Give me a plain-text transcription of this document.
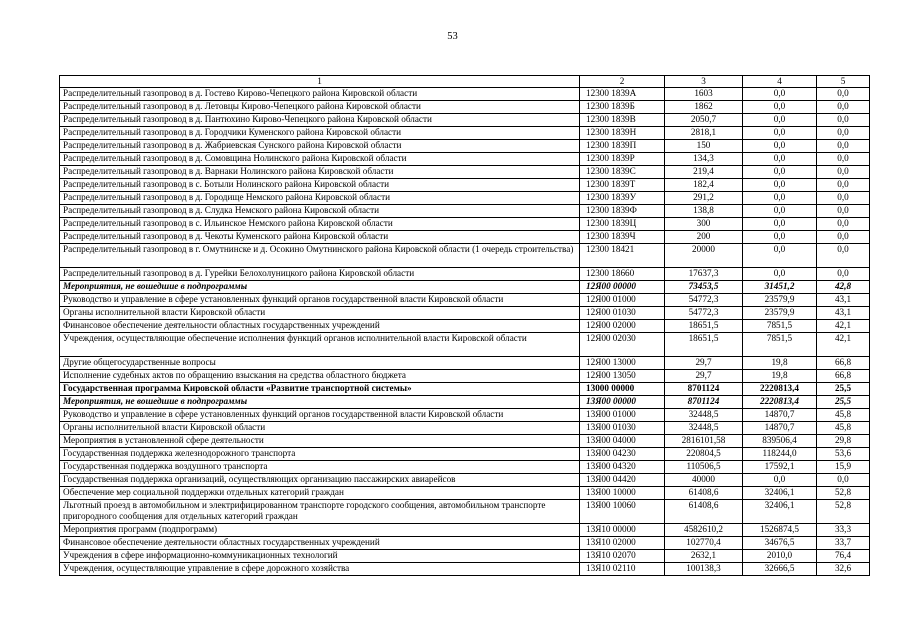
53
1	2	3	4	5
Распределительный газопровод в д. Гостево Кирово-Чепецкого района Кировской области	12300 1839А	1603	0,0	0,0
Распределительный газопровод в д. Летовцы Кирово-Чепецкого района Кировской области	12300 1839Б	1862	0,0	0,0
Распределительный газопровод в д. Пантюхино Кирово-Чепецкого района Кировской области	12300 1839В	2050,7	0,0	0,0
Распределительный газопровод в д. Городчики Куменского района Кировской области	12300 1839Н	2818,1	0,0	0,0
Распределительный газопровод в д. Жабриевская Сунского района Кировской области	12300 1839П	150	0,0	0,0
Распределительный газопровод в д. Сомовщина Нолинского района Кировской области	12300 1839Р	134,3	0,0	0,0
Распределительный газопровод в д. Варнаки Нолинского района Кировской области	12300 1839С	219,4	0,0	0,0
Распределительный газопровод в с. Ботыли Нолинского района Кировской области	12300 1839Т	182,4	0,0	0,0
Распределительный газопровод в д. Городище Немского района Кировской области	12300 1839У	291,2	0,0	0,0
Распределительный газопровод в д. Слудка Немского района Кировской области	12300 1839Ф	138,8	0,0	0,0
Распределительный газопровод в с. Ильинское Немского района Кировской области	12300 1839Ц	300	0,0	0,0
Распределительный газопровод в д. Чекоты Куменского района Кировской области	12300 1839Ч	200	0,0	0,0
Распределительный газопровод в г. Омутнинске и д. Осокино Омутнинского района Кировской области (1 очередь строительства)	12300 18421	20000	0,0	0,0
Распределительный газопровод в д. Гурейки Белохолуницкого района Кировской области	12300 18660	17637,3	0,0	0,0
Мероприятия, не вошедшие в подпрограммы	12Я00 00000	73453,5	31451,2	42,8
Руководство и управление в сфере установленных функций органов государственной власти Кировской области	12Я00 01000	54772,3	23579,9	43,1
Органы исполнительной власти Кировской области	12Я00 01030	54772,3	23579,9	43,1
Финансовое обеспечение деятельности областных государственных учреждений	12Я00 02000	18651,5	7851,5	42,1
Учреждения, осуществляющие обеспечение исполнения функций органов исполнительной власти Кировской области	12Я00 02030	18651,5	7851,5	42,1
Другие общегосударственные вопросы	12Я00 13000	29,7	19,8	66,8
Исполнение судебных актов по обращению взыскания на средства областного бюджета	12Я00 13050	29,7	19,8	66,8
Государственная программа Кировской области «Развитие транспортной системы»	13000 00000	8701124	2220813,4	25,5
Мероприятия, не вошедшие в подпрограммы	13Я00 00000	8701124	2220813,4	25,5
Руководство и управление в сфере установленных функций органов государственной власти Кировской области	13Я00 01000	32448,5	14870,7	45,8
Органы исполнительной власти Кировской области	13Я00 01030	32448,5	14870,7	45,8
Мероприятия в установленной сфере деятельности	13Я00 04000	2816101,58	839506,4	29,8
Государственная поддержка железнодорожного транспорта	13Я00 04230	220804,5	118244,0	53,6
Государственная поддержка воздушного транспорта	13Я00 04320	110506,5	17592,1	15,9
Государственная поддержка организаций, осуществляющих организацию пассажирских авиарейсов	13Я00 04420	40000	0,0	0,0
Обеспечение мер социальной поддержки отдельных категорий граждан	13Я00 10000	61408,6	32406,1	52,8
Льготный проезд в автомобильном и электрифицированном транспорте городского сообщения, автомобильном транспорте пригородного сообщения для отдельных категорий граждан	13Я00 10060	61408,6	32406,1	52,8
Мероприятия программ (подпрограмм)	13Я10 00000	4582610,2	1526874,5	33,3
Финансовое обеспечение деятельности областных государственных учреждений	13Я10 02000	102770,4	34676,5	33,7
Учреждения в сфере информационно-коммуникационных технологий	13Я10 02070	2632,1	2010,0	76,4
Учреждения, осуществляющие управление в сфере дорожного хозяйства	13Я10 02110	100138,3	32666,5	32,6
